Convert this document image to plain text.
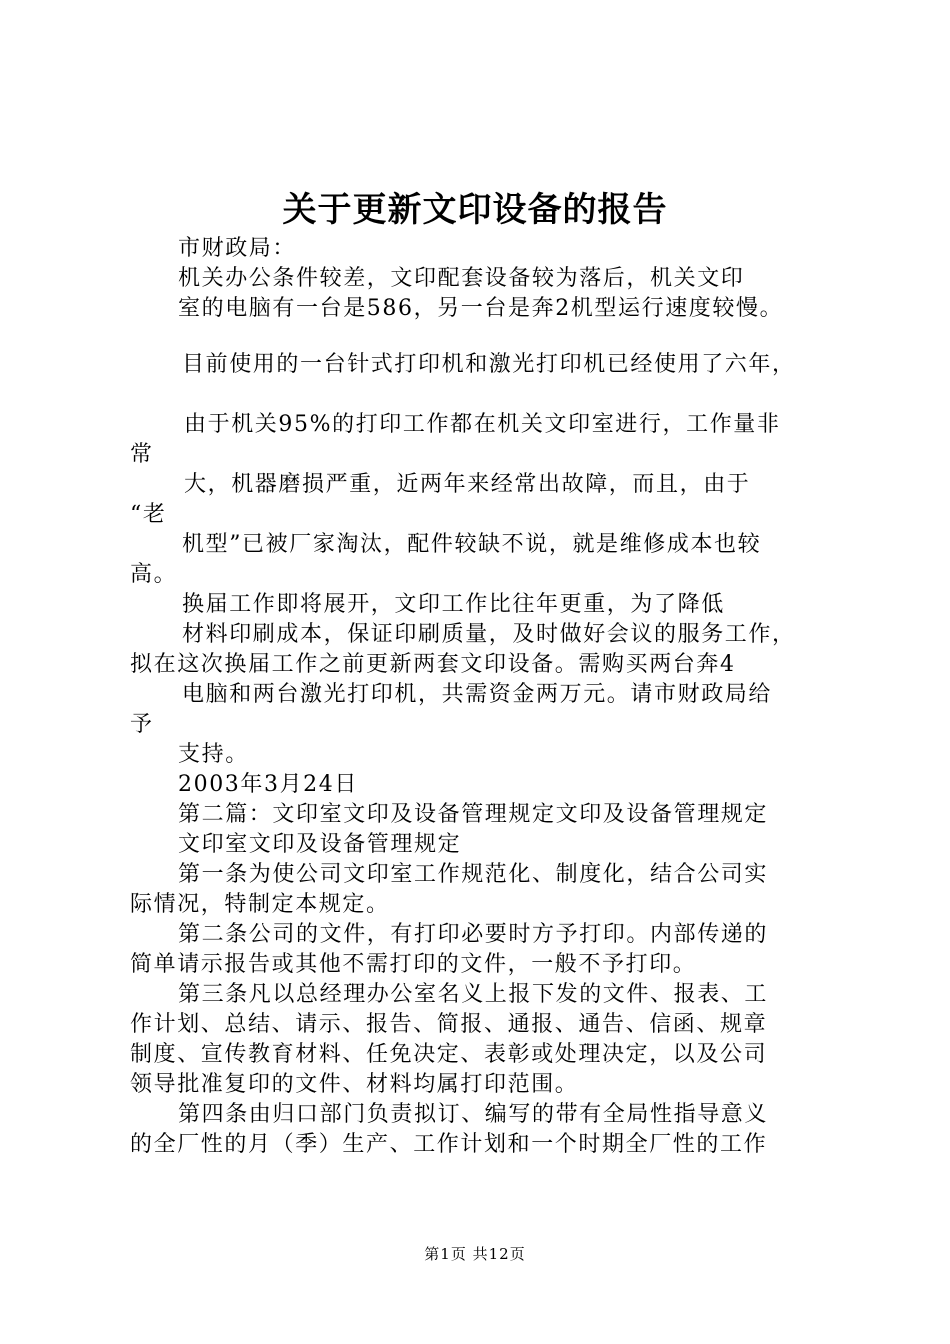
关于更新文印设备的报告
市财政局：
机关办公条件较差，文印配套设备较为落后，机关文印
室的电脑有一台是586，另一台是奔2机型运行速度较慢。
目前使用的一台针式打印机和激光打印机已经使用了六年，
由于机关95%的打印工作都在机关文印室进行，工作量非
常
大，机器磨损严重，近两年来经常出故障，而且，由于
“老
机型”已被厂家淘汰，配件较缺不说，就是维修成本也较
高。
换届工作即将展开，文印工作比往年更重，为了降低
材料印刷成本，保证印刷质量，及时做好会议的服务工作，
拟在这次换届工作之前更新两套文印设备。需购买两台奔4
电脑和两台激光打印机，共需资金两万元。请市财政局给
予
支持。
2003年3月24日
第二篇：文印室文印及设备管理规定文印及设备管理规定
文印室文印及设备管理规定
第一条为使公司文印室工作规范化、制度化，结合公司实
际情况，特制定本规定。
第二条公司的文件，有打印必要时方予打印。内部传递的
简单请示报告或其他不需打印的文件，一般不予打印。
第三条凡以总经理办公室名义上报下发的文件、报表、工
作计划、总结、请示、报告、简报、通报、通告、信函、规章
制度、宣传教育材料、任免决定、表彰或处理决定，以及公司
领导批准复印的文件、材料均属打印范围。
第四条由归口部门负责拟订、编写的带有全局性指导意义
的全厂性的月（季）生产、工作计划和一个时期全厂性的工作
第1页 共12页
